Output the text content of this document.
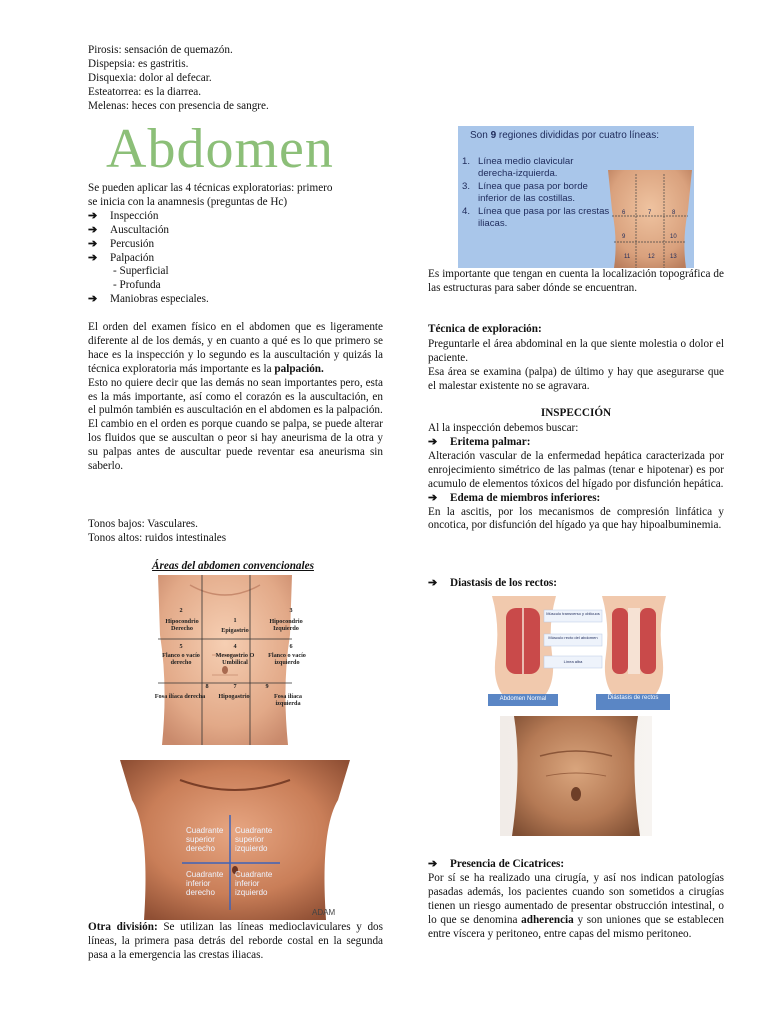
Pirosis: sensación de quemazón.
Dispepsia: es gastritis.
Disquexia: dolor al defecar.
Esteatorrea: es la diarrea.
Melenas: heces con presencia de sangre.
Abdomen
Se pueden aplicar las 4 técnicas exploratorias: primero
se inicia con la anamnesis (preguntas de Hc)
➔	Inspección
➔	Auscultación
➔	Percusión
➔	Palpación
- Superficial
- Profunda
➔	Maniobras especiales.
El orden del examen físico en el abdomen que es ligeramente diferente al de los demás, y en cuanto a qué es lo que primero se hace es la inspección y lo segundo es la auscultación y quizás la técnica exploratoria más importante es la palpación.
Esto no quiere decir que las demás no sean importantes pero, esta es la más importante, así como el corazón es la auscultación, en el pulmón también es auscultación en el abdomen es la palpación.
El cambio en el orden es porque cuando se palpa, se puede alterar los fluidos que se auscultan o peor si hay aneurisma de la otra y su palpas antes de auscultar puede reventar esa aneurisma sin saberlo.
Tonos bajos: Vasculares.
Tonos altos: ruidos intestinales
Áreas del abdomen convencionales
2
1
3
Hipocondrio Derecho	Epigastrio
Hipocondrio Izquierdo
5	4	6
Flanco o vacío derecho
Mesogastrio O Umbilical
Flanco o vacío izquierdo
8	7	9
Fosa ilíaca derecha	Hipogastrio	Fosa ilíaca izquierda
Cuadrante superior derecho
Cuadrante superior izquierdo
Cuadrante inferior derecho
Cuadrante inferior izquierdo
ADAM
Otra división: Se utilizan las líneas medioclaviculares y dos líneas, la primera pasa detrás del reborde costal en la segunda pasa a la emergencia las crestas iliacas.
Son 9 regiones divididas por cuatro líneas:
1. Línea medio clavicular derecha-izquierda.
3. Línea que pasa por borde inferior de las costillas.
4. Línea que pasa por las crestas iliacas.
6	7	8
9	10
11	12	13
Es importante que tengan en cuenta la localización topográfica de las estructuras para saber dónde se encuentran.
Técnica de exploración:
Preguntarle el área abdominal en la que siente molestia o dolor el paciente.
Esa área se examina (palpa) de último y hay que asegurarse que el malestar existente no se agravara.
INSPECCIÓN
Al la inspección debemos buscar:
➔	Eritema palmar:
Alteración vascular de la enfermedad hepática caracterizada por enrojecimiento simétrico de las palmas (tenar e hipotenar) es por acumulo de elementos tóxicos del hígado por disfunción hepática.
➔	Edema de miembros inferiores:
En la ascitis, por los mecanismos de compresión linfática y oncotica, por disfunción del hígado ya que hay hipoalbuminemia.
➔	Diastasis de los rectos:
Músculo transverso y oblicuos
Músculo recto del abdomen
Línea alba
Abdomen Normal	Diástasis de rectos
➔	Presencia de Cicatrices:
Por sí se ha realizado una cirugía, y así nos indican patologías pasadas además, los pacientes cuando son sometidos a cirugías tienen un riesgo aumentado de presentar obstrucción intestinal, o lo que se denomina adherencia y son uniones que se establecen entre víscera y peritoneo, entre capas del mismo peritoneo.
